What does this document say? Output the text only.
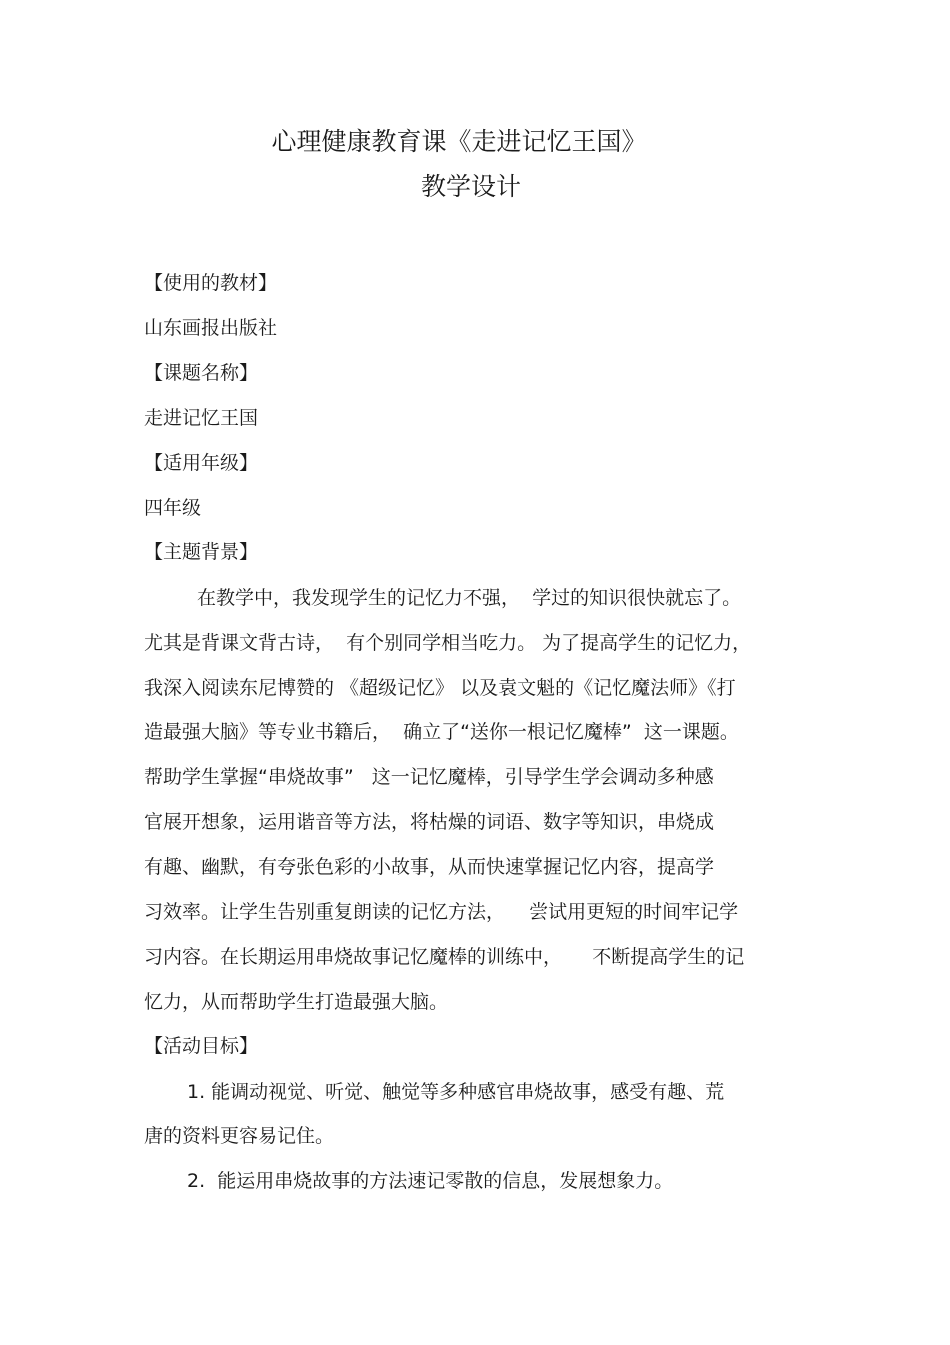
心理健康教育课《走进记忆王国》
教学设计
【使用的教材】
山东画报出版社
【课题名称】
走进记忆王国
【适用年级】
四年级
【主题背景】
在教学中，我发现学生的记忆力不强，  学过的知识很快就忘了。
尤其是背课文背古诗，  有个别同学相当吃力。 为了提高学生的记忆力，
我深入阅读东尼博赞的 《超级记忆》 以及袁文魁的《记忆魔法师》《打
造最强大脑》等专业书籍后，  确立了“送你一根记忆魔棒”  这一课题。
帮助学生掌握“串烧故事”   这一记忆魔棒，引导学生学会调动多种感
官展开想象，运用谐音等方法，将枯燥的词语、数字等知识，串烧成
有趣、幽默，有夸张色彩的小故事，从而快速掌握记忆内容，提高学
习效率。让学生告别重复朗读的记忆方法，    尝试用更短的时间牢记学
习内容。在长期运用串烧故事记忆魔棒的训练中，     不断提高学生的记
忆力，从而帮助学生打造最强大脑。
【活动目标】
1. 能调动视觉、听觉、触觉等多种感官串烧故事，感受有趣、荒
唐的资料更容易记住。
2.  能运用串烧故事的方法速记零散的信息，发展想象力。
